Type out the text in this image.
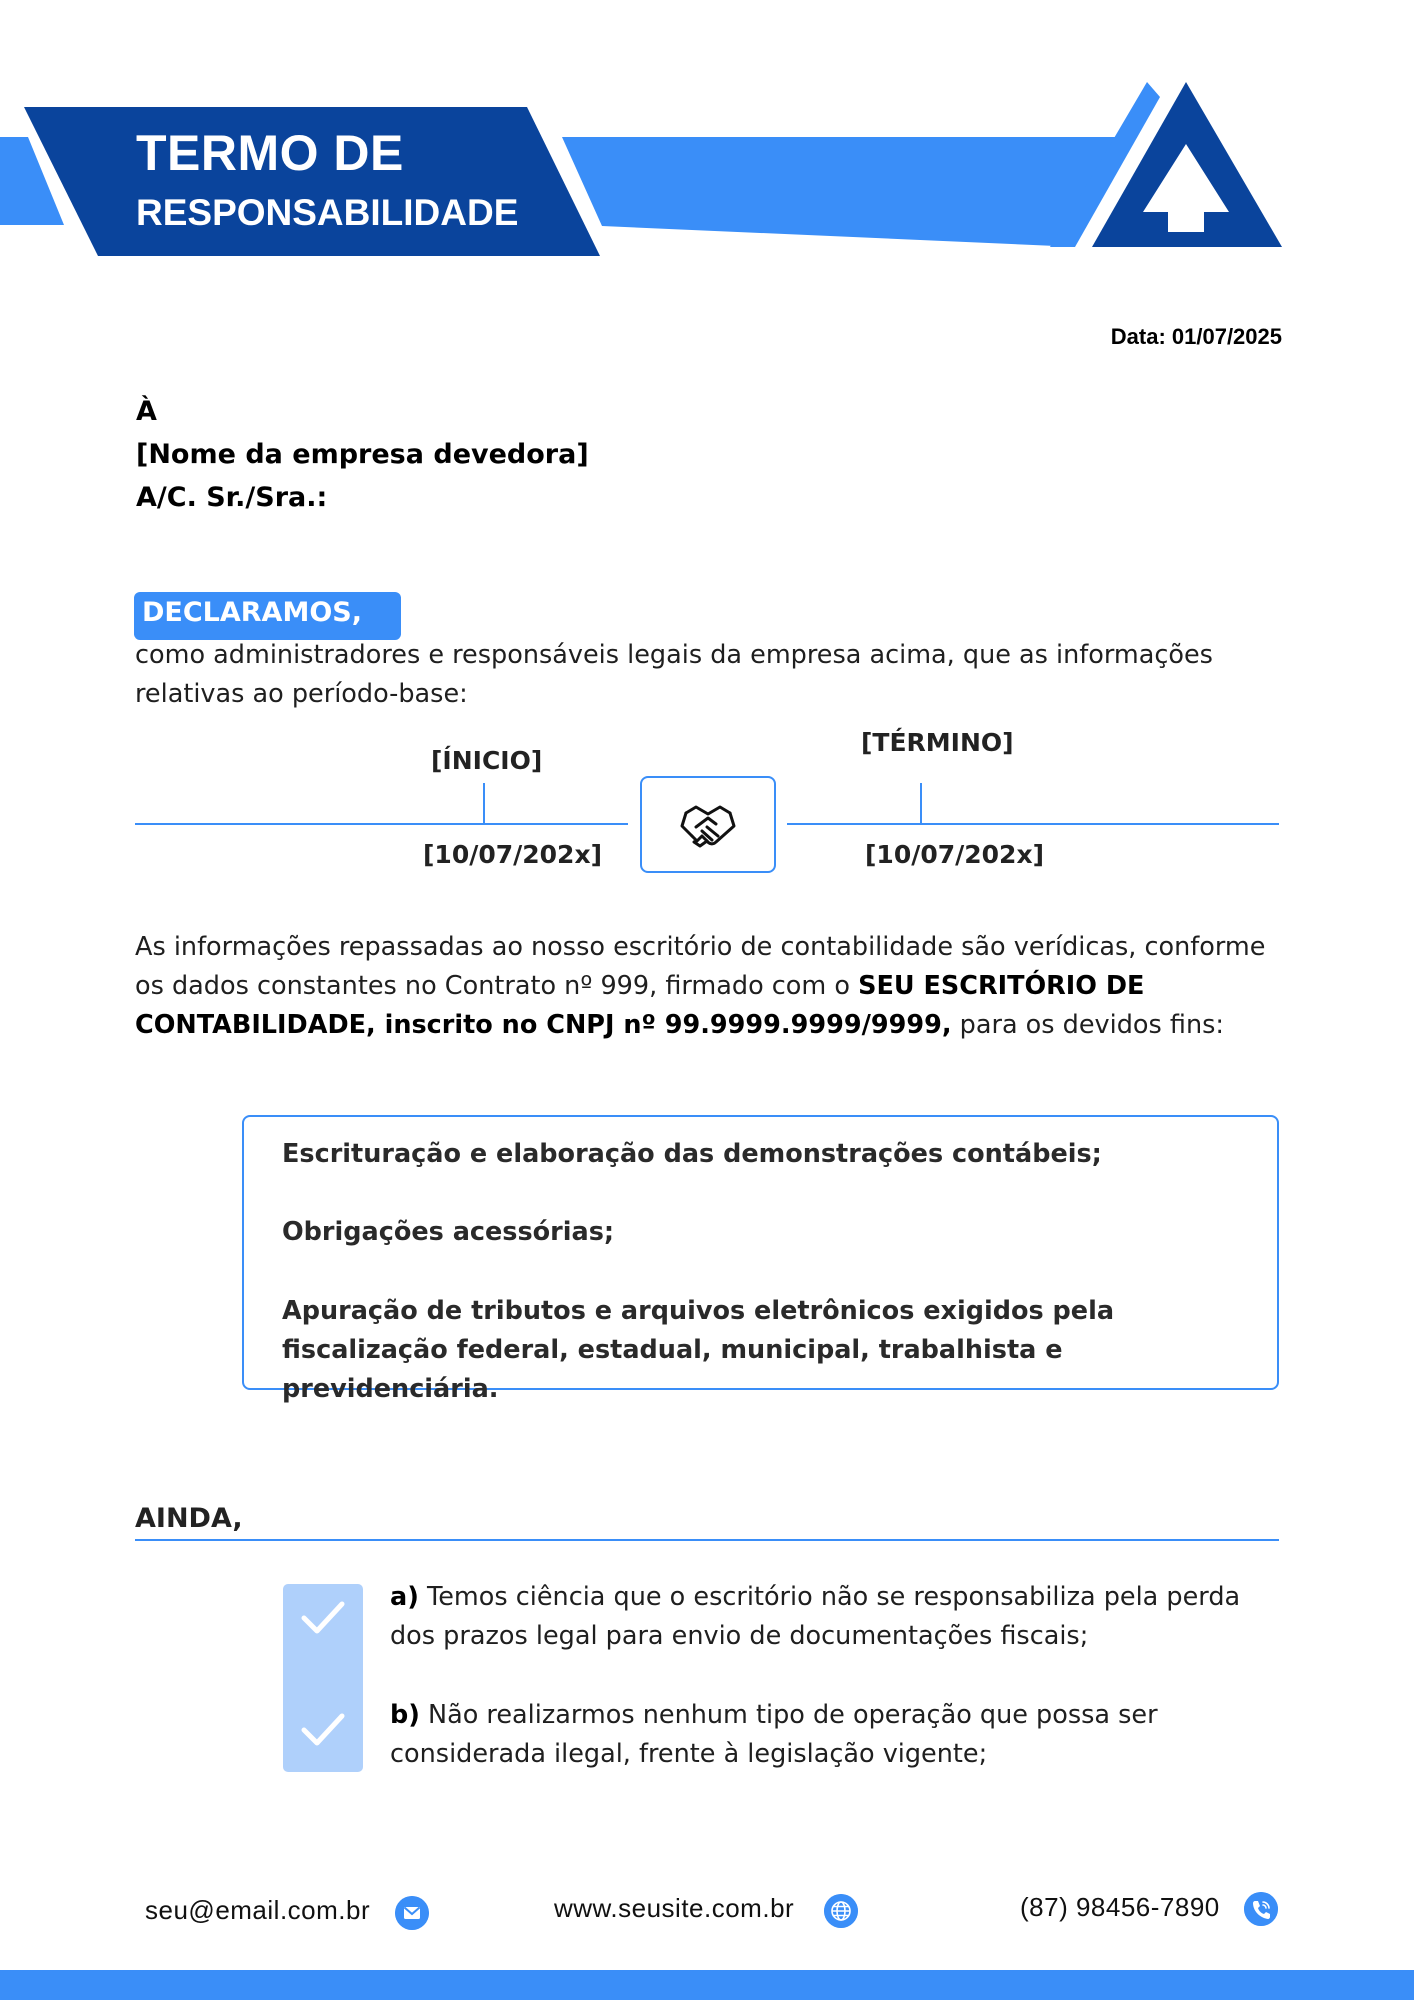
TERMO DE
RESPONSABILIDADE
Data: 01/07/2025
À
[Nome da empresa devedora]
A/C. Sr./Sra.:
DECLARAMOS,
como administradores e responsáveis legais da empresa acima, que as informações relativas ao período-base:
[ÍNICIO]
[10/07/202x]
[TÉRMINO]
[10/07/202x]
As informações repassadas ao nosso escritório de contabilidade são verídicas, conforme os dados constantes no Contrato nº 999, firmado com o SEU ESCRITÓRIO DE CONTABILIDADE, inscrito no CNPJ nº 99.9999.9999/9999, para os devidos fins:
Escrituração e elaboração das demonstrações contábeis;
Obrigações acessórias;
Apuração de tributos e arquivos eletrônicos exigidos pela fiscalização federal, estadual, municipal, trabalhista e previdenciária.
AINDA,
a) Temos ciência que o escritório não se responsabiliza pela perda dos prazos legal para envio de documentações fiscais;
b) Não realizarmos nenhum tipo de operação que possa ser considerada ilegal, frente à legislação vigente;
seu@email.com.br	www.seusite.com.br	(87) 98456-7890
